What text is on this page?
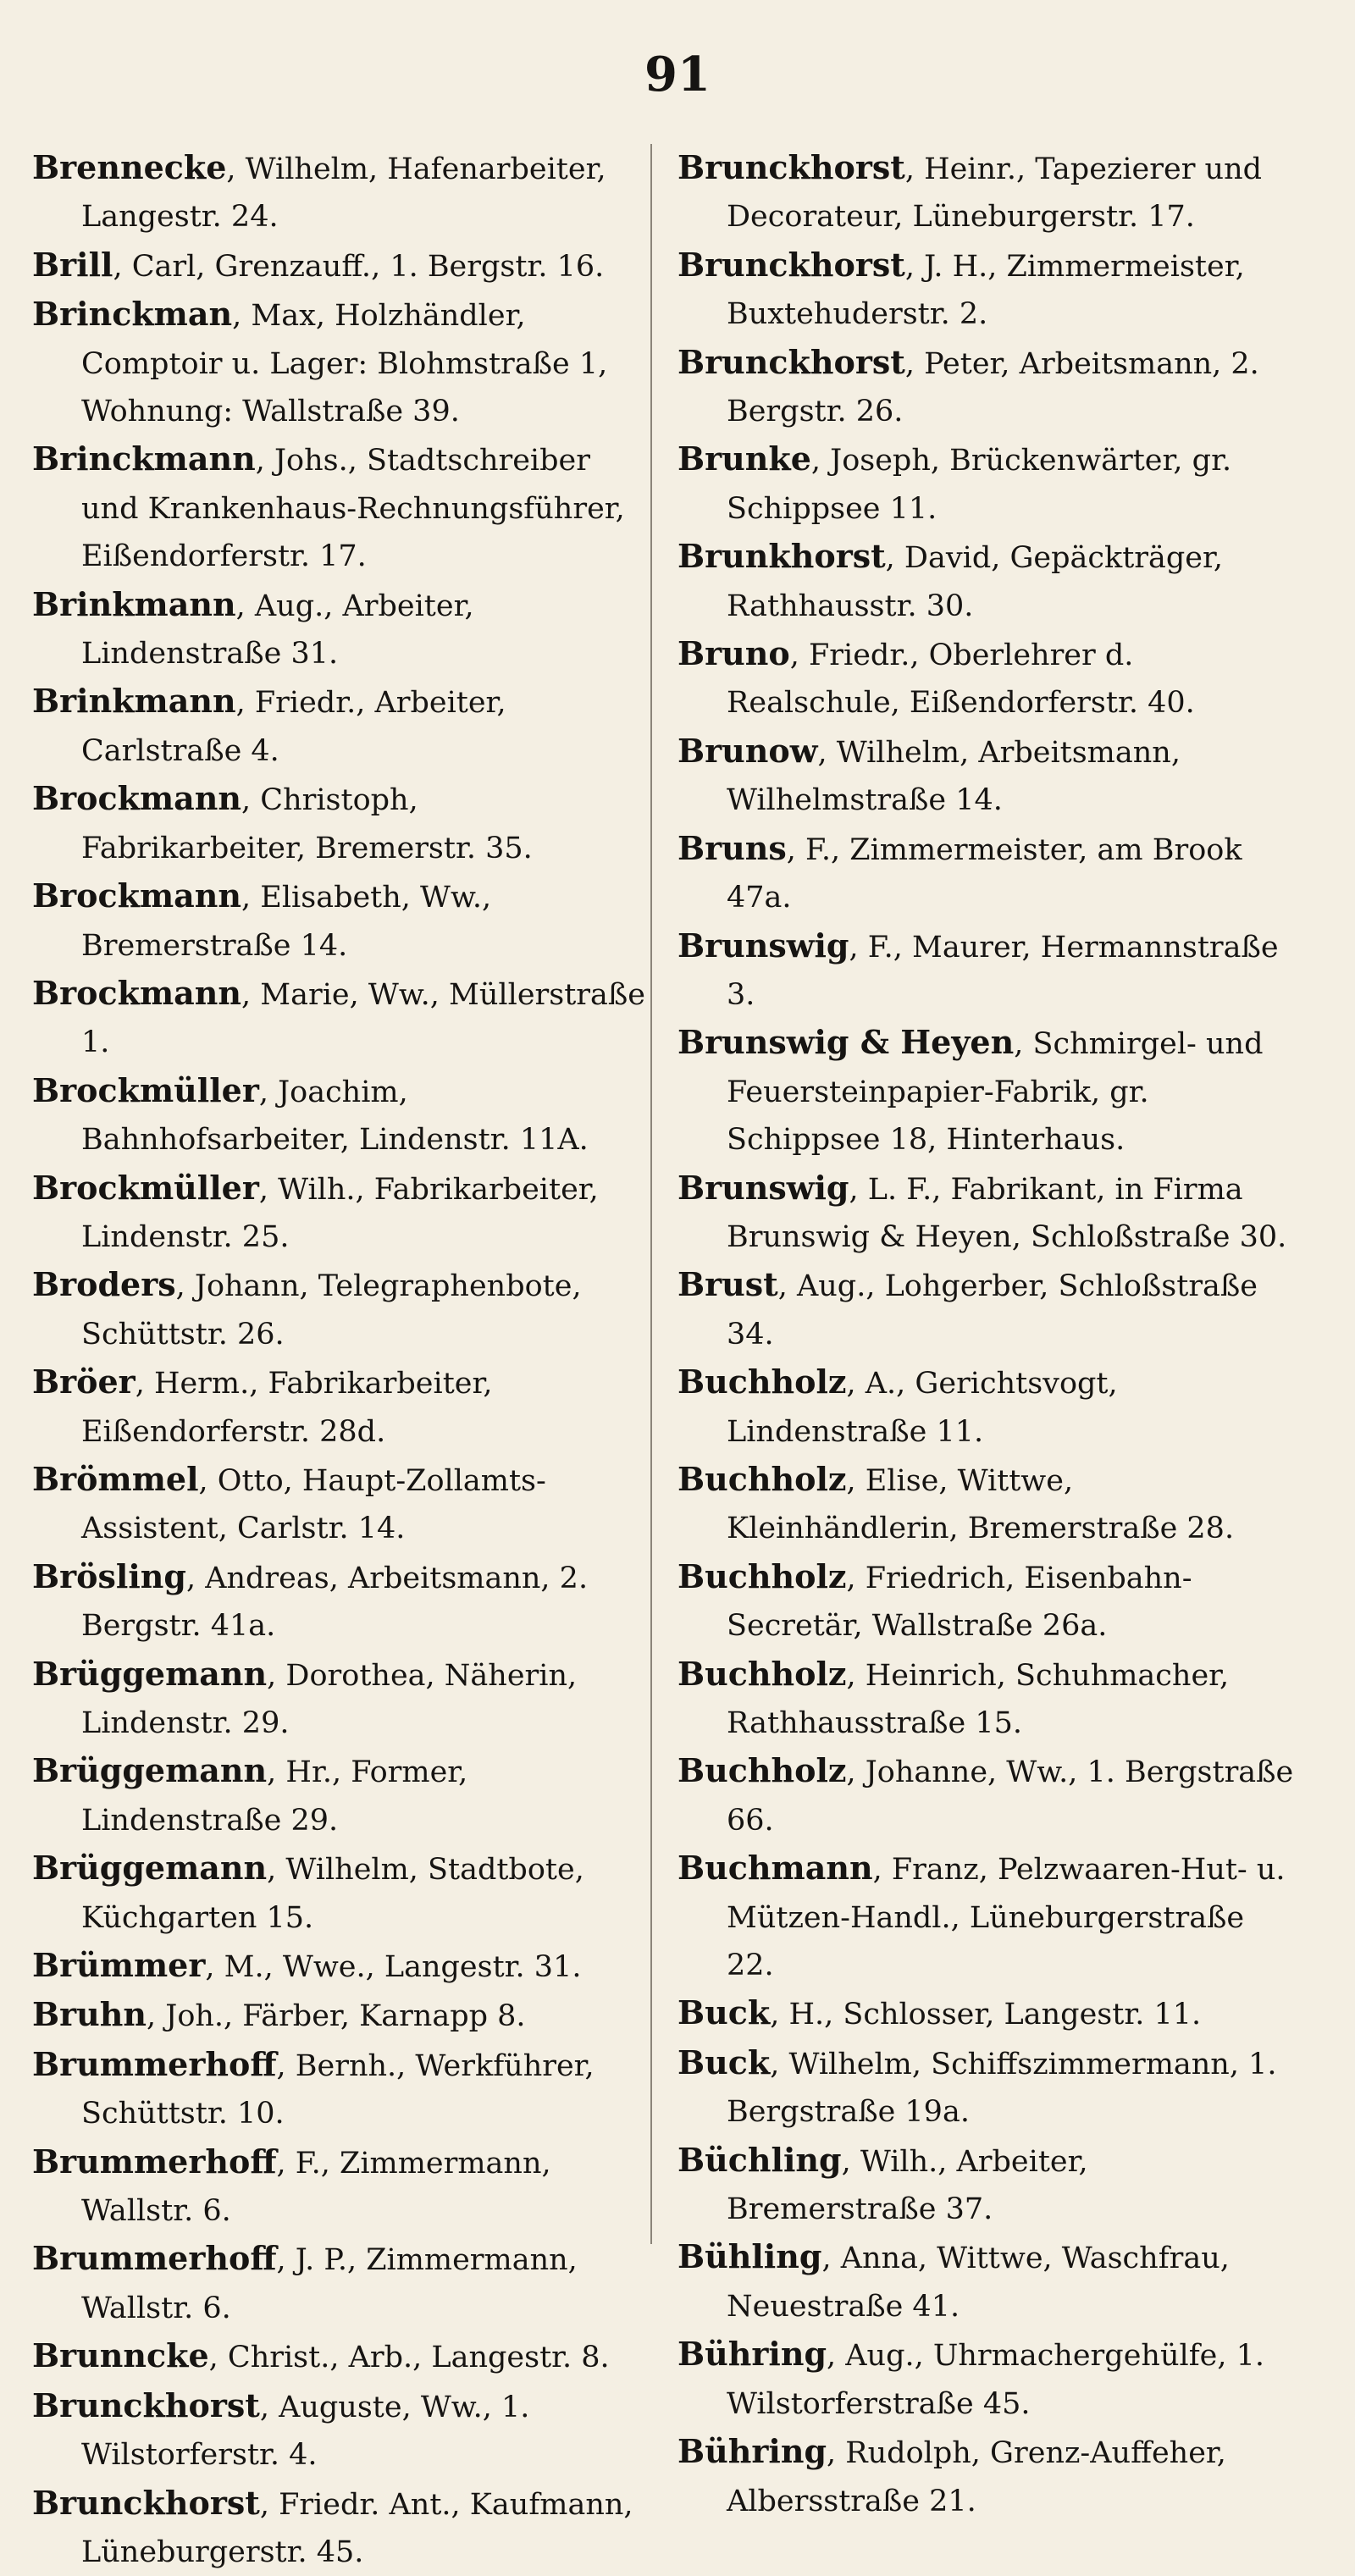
91
Brennecke, Wilhelm, Hafenarbeiter, Langestr. 24.
Brill, Carl, Grenzauff., 1. Bergstr. 16.
Brinckman, Max, Holzhändler, Comptoir u. Lager: Blohmstraße 1, Wohnung: Wallstraße 39.
Brinckmann, Johs., Stadtschreiber und Krankenhaus-Rechnungsführer, Eißendorferstr. 17.
Brinkmann, Aug., Arbeiter, Lindenstraße 31.
Brinkmann, Friedr., Arbeiter, Carlstraße 4.
Brockmann, Christoph, Fabrikarbeiter, Bremerstr. 35.
Brockmann, Elisabeth, Ww., Bremerstraße 14.
Brockmann, Marie, Ww., Müllerstraße 1.
Brockmüller, Joachim, Bahnhofsarbeiter, Lindenstr. 11A.
Brockmüller, Wilh., Fabrikarbeiter, Lindenstr. 25.
Broders, Johann, Telegraphenbote, Schüttstr. 26.
Bröer, Herm., Fabrikarbeiter, Eißendorferstr. 28d.
Brömmel, Otto, Haupt-Zollamts-Assistent, Carlstr. 14.
Brösling, Andreas, Arbeitsmann, 2. Bergstr. 41a.
Brüggemann, Dorothea, Näherin, Lindenstr. 29.
Brüggemann, Hr., Former, Lindenstraße 29.
Brüggemann, Wilhelm, Stadtbote, Küchgarten 15.
Brümmer, M., Wwe., Langestr. 31.
Bruhn, Joh., Färber, Karnapp 8.
Brummerhoff, Bernh., Werkführer, Schüttstr. 10.
Brummerhoff, F., Zimmermann, Wallstr. 6.
Brummerhoff, J. P., Zimmermann, Wallstr. 6.
Brunncke, Christ., Arb., Langestr. 8.
Brunckhorst, Auguste, Ww., 1. Wilstorferstr. 4.
Brunckhorst, Friedr. Ant., Kaufmann, Lüneburgerstr. 45.
Brunckhorst, Heinr., Tapezierer und Decorateur, Lüneburgerstr. 17.
Brunckhorst, J. H., Zimmermeister, Buxtehuderstr. 2.
Brunckhorst, Peter, Arbeitsmann, 2. Bergstr. 26.
Brunke, Joseph, Brückenwärter, gr. Schippsee 11.
Brunkhorst, David, Gepäckträger, Rathhausstr. 30.
Bruno, Friedr., Oberlehrer d. Realschule, Eißendorferstr. 40.
Brunow, Wilhelm, Arbeitsmann, Wilhelmstraße 14.
Bruns, F., Zimmermeister, am Brook 47a.
Brunswig, F., Maurer, Hermannstraße 3.
Brunswig & Heyen, Schmirgel- und Feuersteinpapier-Fabrik, gr. Schippsee 18, Hinterhaus.
Brunswig, L. F., Fabrikant, in Firma Brunswig & Heyen, Schloßstraße 30.
Brust, Aug., Lohgerber, Schloßstraße 34.
Buchholz, A., Gerichtsvogt, Lindenstraße 11.
Buchholz, Elise, Wittwe, Kleinhändlerin, Bremerstraße 28.
Buchholz, Friedrich, Eisenbahn-Secretär, Wallstraße 26a.
Buchholz, Heinrich, Schuhmacher, Rathhausstraße 15.
Buchholz, Johanne, Ww., 1. Bergstraße 66.
Buchmann, Franz, Pelzwaaren-Hut- u. Mützen-Handl., Lüneburgerstraße 22.
Buck, H., Schlosser, Langestr. 11.
Buck, Wilhelm, Schiffszimmermann, 1. Bergstraße 19a.
Büchling, Wilh., Arbeiter, Bremerstraße 37.
Bühling, Anna, Wittwe, Waschfrau, Neuestraße 41.
Bühring, Aug., Uhrmachergehülfe, 1. Wilstorferstraße 45.
Bühring, Rudolph, Grenz-Auffeher, Albersstraße 21.
